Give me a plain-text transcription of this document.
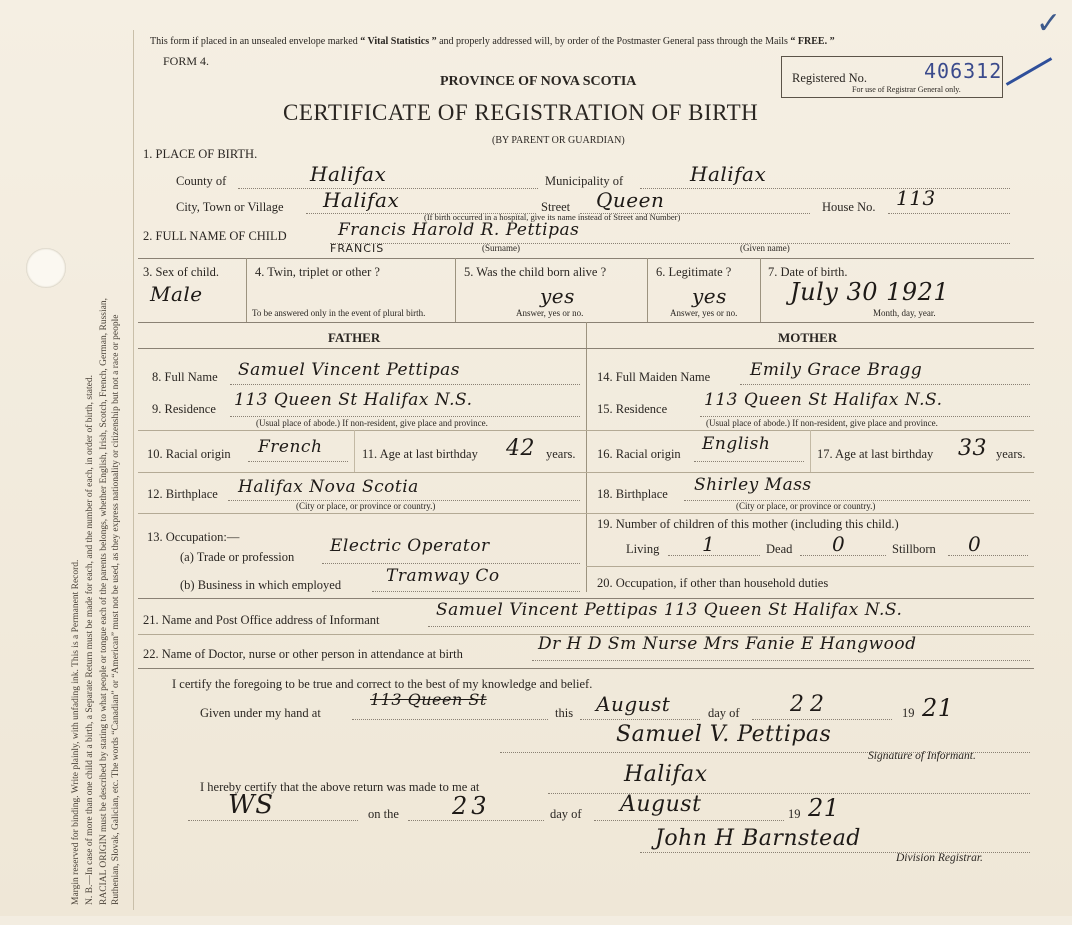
Margin reserved for binding. Write plainly, with unfading ink. This is a Permanent Record. N. B.—In case of more than one child at a birth, a Separate Return must be made for each, and the number of each, in order of birth, stated. RACIAL ORIGIN must be described by stating to what people or tongue each of the parents belongs, whether English, Irish, Scotch, French, German, Russian, Ruthenian, Slovak, Galician, etc. The words “Canadian” or “American” must not be used, as they express nationality or citizenship but not a race or people
This form if placed in an unsealed envelope marked “ Vital Statistics ” and properly addressed will, by order of the Postmaster General pass through the Mails “ FREE. ”
✓
FORM 4.
PROVINCE OF NOVA SCOTIA
CERTIFICATE OF REGISTRATION OF BIRTH
(BY PARENT OR GUARDIAN)
Registered No.	406312
For use of Registrar General only.
1. PLACE OF BIRTH.
County of	Halifax	Municipality of	Halifax
City, Town or Village Halifax	Street Queen	House No. 113
(If birth occurred in a hospital, give its name instead of Street and Number)
2. FULL NAME OF CHILD	Francis Harold R. Pettipas
FRANCIS	(Surname)	(Given name)
3. Sex of child.
Male
4. Twin, triplet or other ?
To be answered only in the event of plural birth.
5. Was the child born alive ?
yes
Answer, yes or no.
6. Legitimate ?
yes
Answer, yes or no.
7. Date of birth.
July 30 1921
Month, day, year.
FATHER	MOTHER
8. Full Name Samuel Vincent Pettipas
9. Residence 113 Queen St Halifax N.S.
(Usual place of abode.) If non-resident, give place and province.
10. Racial origin French	11. Age at last birthday 42 years.
12. Birthplace Halifax Nova Scotia
(City or place, or province or country.)
13. Occupation:—
(a) Trade or profession
Electric Operator
(b) Business in which employed	Tramway Co
14. Full Maiden Name Emily Grace Bragg
15. Residence 113 Queen St Halifax N.S.
(Usual place of abode.) If non-resident, give place and province.
16. Racial origin English	17. Age at last birthday 33 years.
18. Birthplace Shirley Mass
(City or place, or province or country.)
19. Number of children of this mother (including this child.)
Living 1	Dead 0	Stillborn 0
20. Occupation, if other than household duties
21. Name and Post Office address of Informant	Samuel Vincent Pettipas 113 Queen St Halifax N.S.
22. Name of Doctor, nurse or other person in attendance at birth	Dr H D Sm Nurse Mrs Fanie E Hangwood
I certify the foregoing to be true and correct to the best of my knowledge and belief.
Given under my hand at
113 Queen St
this August	day of 22	19 21
Samuel V. Pettipas
Signature of Informant.
I hereby certify that the above return was made to me at	Halifax
WS	on the 23	day of August	19 21
John H Barnstead
Division Registrar.
